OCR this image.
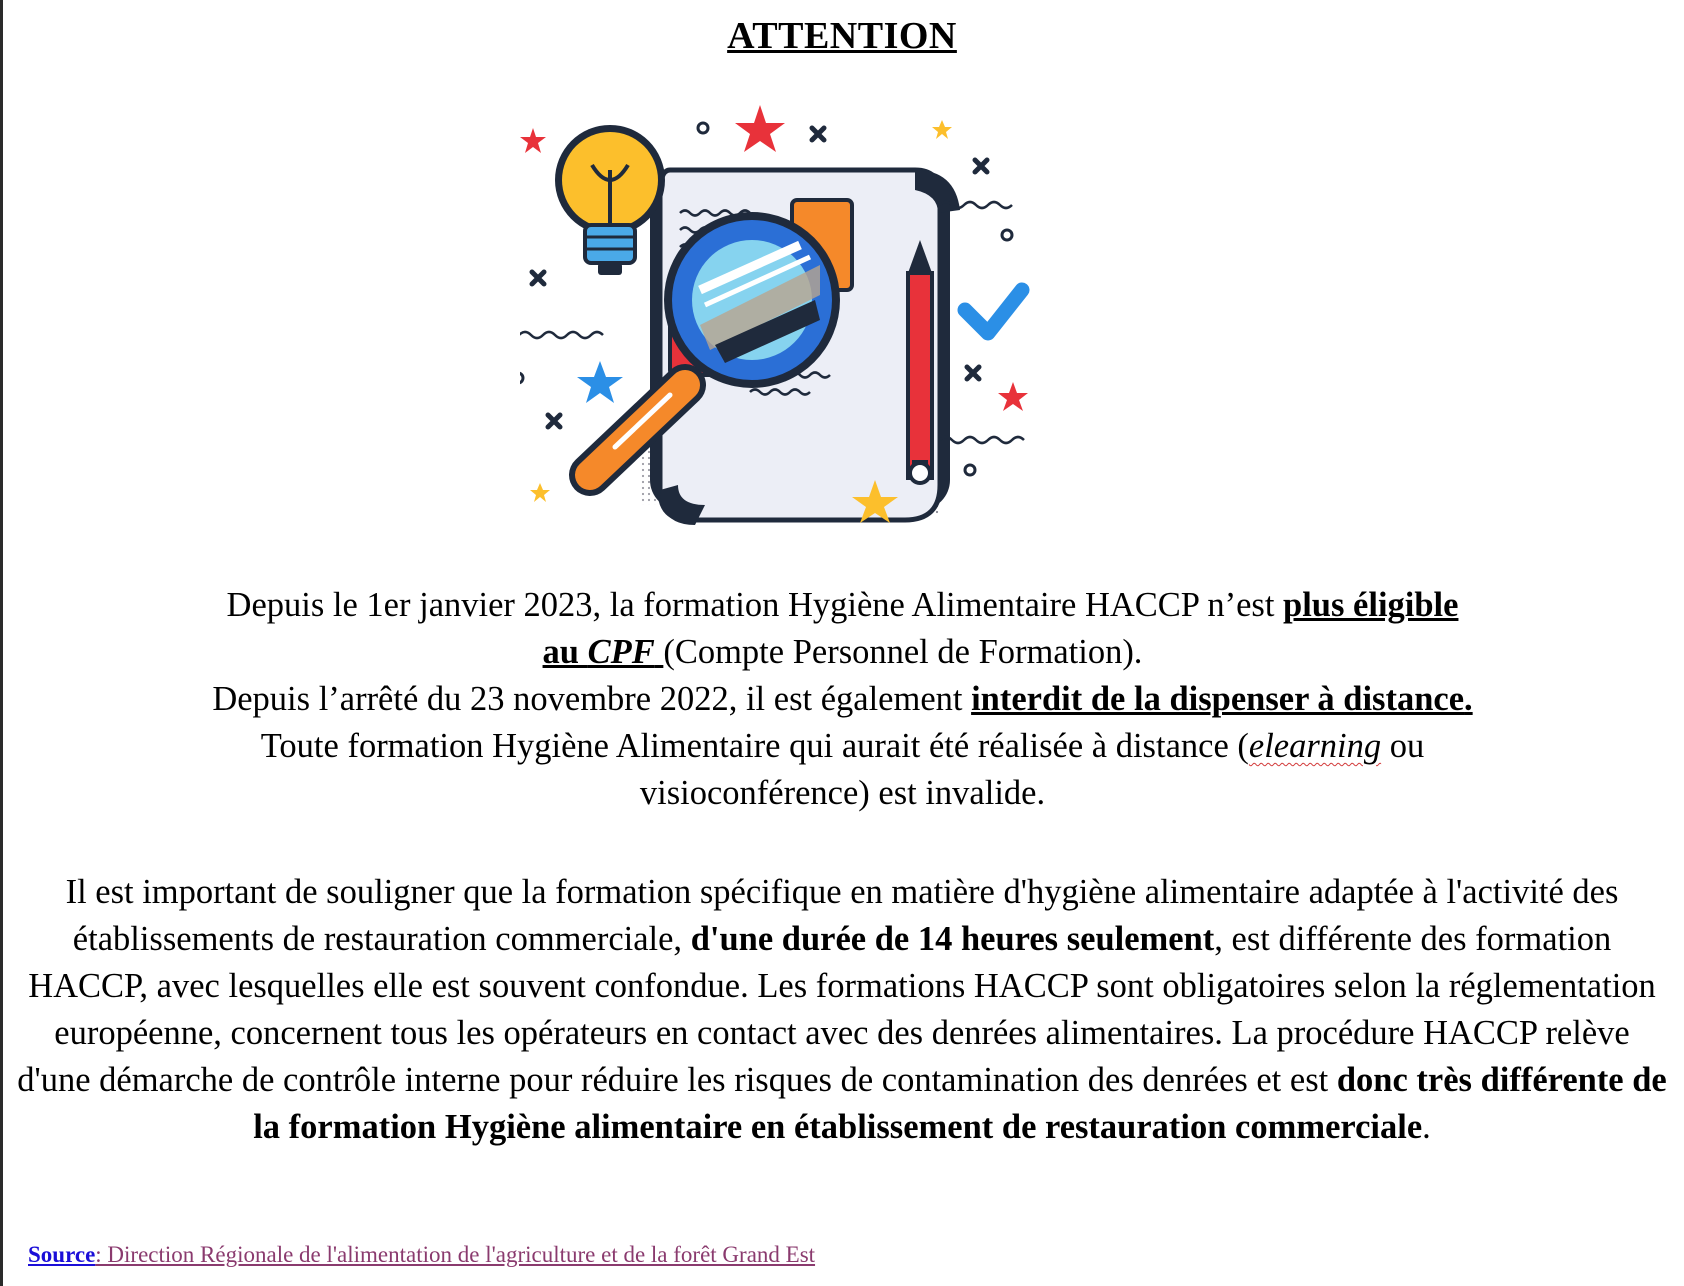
ATTENTION
Depuis le 1er janvier 2023, la formation Hygiène Alimentaire HACCP n’est plus éligible
au CPF (Compte Personnel de Formation).
Depuis l’arrêté du 23 novembre 2022, il est également interdit de la dispenser à distance.
Toute formation Hygiène Alimentaire qui aurait été réalisée à distance (elearning ou
visioconférence) est invalide.
Il est important de souligner que la formation spécifique en matière d'hygiène alimentaire adaptée à l'activité des établissements de restauration commerciale, d'une durée de 14 heures seulement, est différente des formation HACCP, avec lesquelles elle est souvent confondue. Les formations HACCP sont obligatoires selon la réglementation européenne, concernent tous les opérateurs en contact avec des denrées alimentaires. La procédure HACCP relève d'une démarche de contrôle interne pour réduire les risques de contamination des denrées et est donc très différente de la formation Hygiène alimentaire en établissement de restauration commerciale.
Source: Direction Régionale de l'alimentation de l'agriculture et de la forêt Grand Est
